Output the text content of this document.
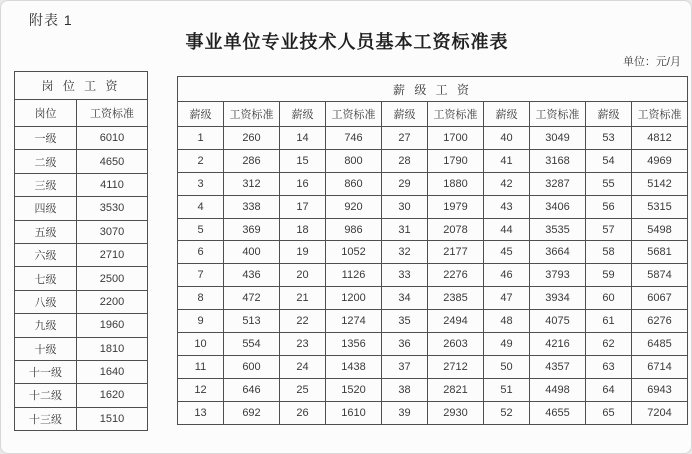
附表 1
事业单位专业技术人员基本工资标准表
单位：元/月
岗 位 工 资	
岗位	工资标准
一级	6010
二级	4650
三级	4110
四级	3530
五级	3070
六级	2710
七级	2500
八级	2200
九级	1960
十级	1810
十一级	1640
十二级	1620
十三级	1510
薪 级 工 资									
薪级	工资标准	薪级	工资标准	薪级	工资标准	薪级	工资标准	薪级	工资标准
1	260	14	746	27	1700	40	3049	53	4812
2	286	15	800	28	1790	41	3168	54	4969
3	312	16	860	29	1880	42	3287	55	5142
4	338	17	920	30	1979	43	3406	56	5315
5	369	18	986	31	2078	44	3535	57	5498
6	400	19	1052	32	2177	45	3664	58	5681
7	436	20	1126	33	2276	46	3793	59	5874
8	472	21	1200	34	2385	47	3934	60	6067
9	513	22	1274	35	2494	48	4075	61	6276
10	554	23	1356	36	2603	49	4216	62	6485
11	600	24	1438	37	2712	50	4357	63	6714
12	646	25	1520	38	2821	51	4498	64	6943
13	692	26	1610	39	2930	52	4655	65	7204
